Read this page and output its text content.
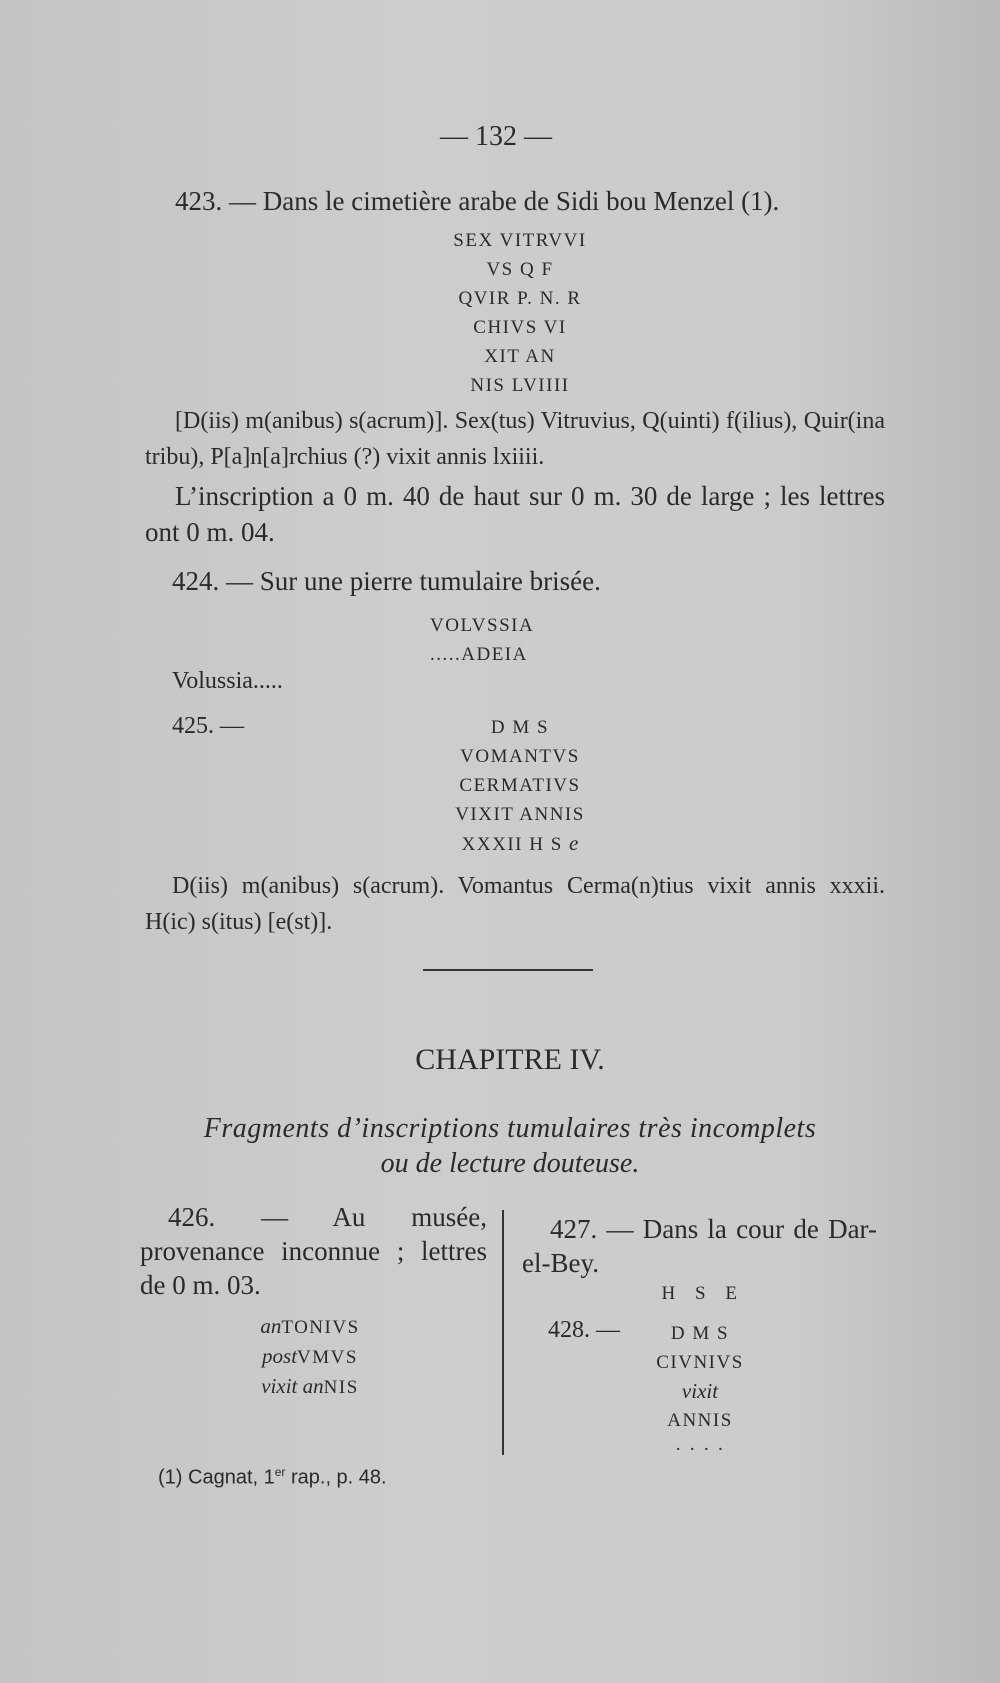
— 132 —
423. — Dans le cimetière arabe de Sidi bou Menzel (1).
SEX VITRVVI
VS Q F
QVIR P. N. R
CHIVS VI
XIT AN
NIS LVIIII
[D(iis) m(anibus) s(acrum)]. Sex(tus) Vitruvius, Q(uinti) f(ilius), Quir(ina tribu), P[a]n[a]rchius (?) vixit annis lxiiii.
L’inscription a 0 m. 40 de haut sur 0 m. 30 de large ; les lettres ont 0 m. 04.
424. — Sur une pierre tumulaire brisée.
VOLVSSIA
.....ADEIA
Volussia.....
425. —	D M S
VOMANTVS
CERMATIVS
VIXIT ANNIS
XXXII H S e
D(iis) m(anibus) s(acrum). Vomantus Cerma(n)tius vixit annis xxxii. H(ic) s(itus) [e(st)].
CHAPITRE IV.
Fragments d’inscriptions tumulaires très incomplets
ou de lecture douteuse.
426. — Au musée, provenance inconnue ; lettres de 0 m. 03.
anTONIVS
postVMVS
vixit anNIS
427. — Dans la cour de Dar-el-Bey.
H S E
428. —	D M S
CIVNIVS
vixit
ANNIS
· · · ·
(1) Cagnat, 1er rap., p. 48.
